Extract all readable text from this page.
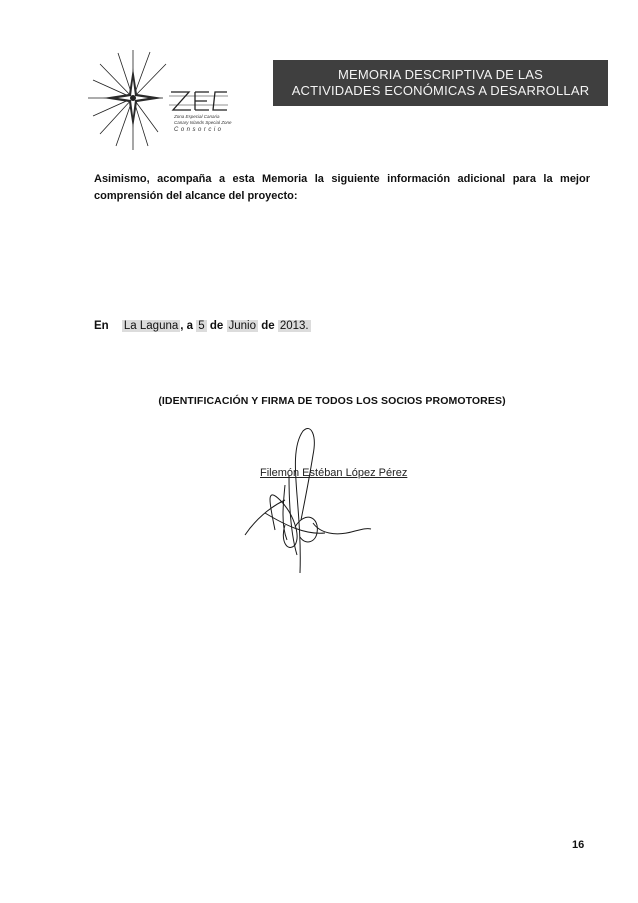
Zona Especial Canaria
Canary Islands Special Zone
Consorcio
MEMORIA DESCRIPTIVA DE LAS
ACTIVIDADES ECONÓMICAS A DESARROLLAR
Asimismo, acompaña a esta Memoria la siguiente información adicional para la mejor comprensión del alcance del proyecto:
En La Laguna , a 5 de Junio de 2013.
(IDENTIFICACIÓN Y FIRMA DE TODOS LOS SOCIOS PROMOTORES)
Filemón Estéban López Pérez
16
